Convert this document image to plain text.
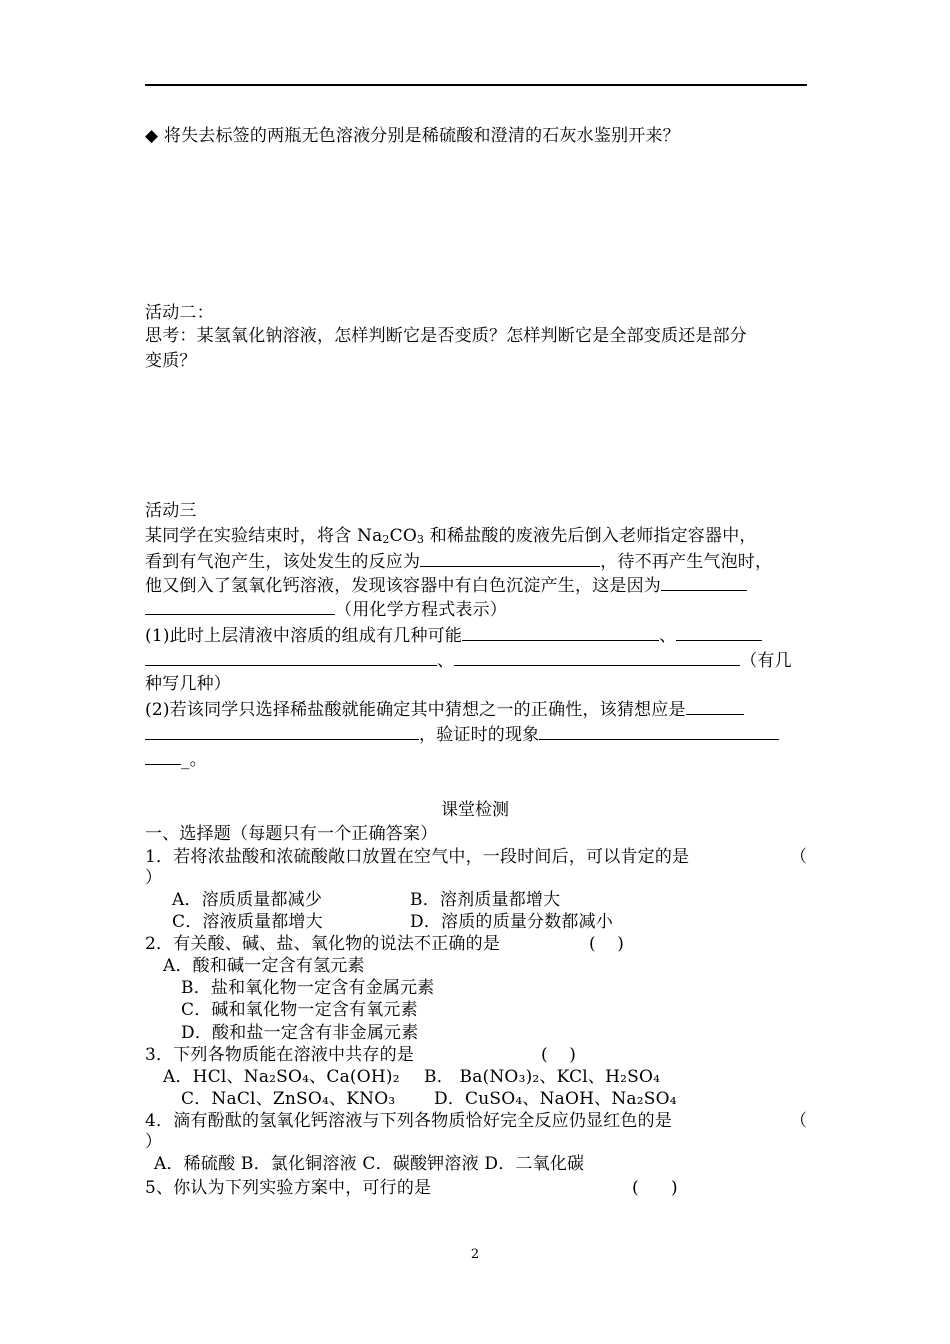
◆ 将失去标签的两瓶无色溶液分别是稀硫酸和澄清的石灰水鉴别开来？
活动二：
思考：某氢氧化钠溶液，怎样判断它是否变质？怎样判断它是全部变质还是部分
变质？
活动三
某同学在实验结束时，将含 $Na_2CO_3$ 和稀盐酸的废液先后倒入老师指定容器中，
看到有气泡产生，该处发生的反应为	，待不再产生气泡时，
他又倒入了氢氧化钙溶液，发现该容器中有白色沉淀产生，这是因为
（用化学方程式表示）
(1)此时上层清液中溶质的组成有几种可能	、
、	（有几
种写几种）
(2)若该同学只选择稀盐酸就能确定其中猜想之一的正确性，该猜想应是
，验证时的现象
_。
课堂检测
一、选择题（每题只有一个正确答案）
1．若将浓盐酸和浓硫酸敞口放置在空气中，一段时间后，可以肯定的是	（
）
A．溶质质量都减少	B．溶剂质量都增大
C．溶液质量都增大	D．溶质的质量分数都减小
2．有关酸、碱、盐、氧化物的说法不正确的是	(    )
A．酸和碱一定含有氢元素
B．盐和氧化物一定含有金属元素
C．碱和氧化物一定含有氧元素
D．酸和盐一定含有非金属元素
3．下列各物质能在溶液中共存的是	(    )
A．HCl、Na₂SO₄、Ca(OH)₂ B． Ba(NO₃)₂、KCl、H₂SO₄
C．NaCl、ZnSO₄、KNO₃ D．CuSO₄、NaOH、Na₂SO₄
4．滴有酚酞的氢氧化钙溶液与下列各物质恰好完全反应仍显红色的是	（
）
A．稀硫酸 B．氯化铜溶液 C．碳酸钾溶液 D．二氧化碳
5、你认为下列实验方案中，可行的是	(      )
2
